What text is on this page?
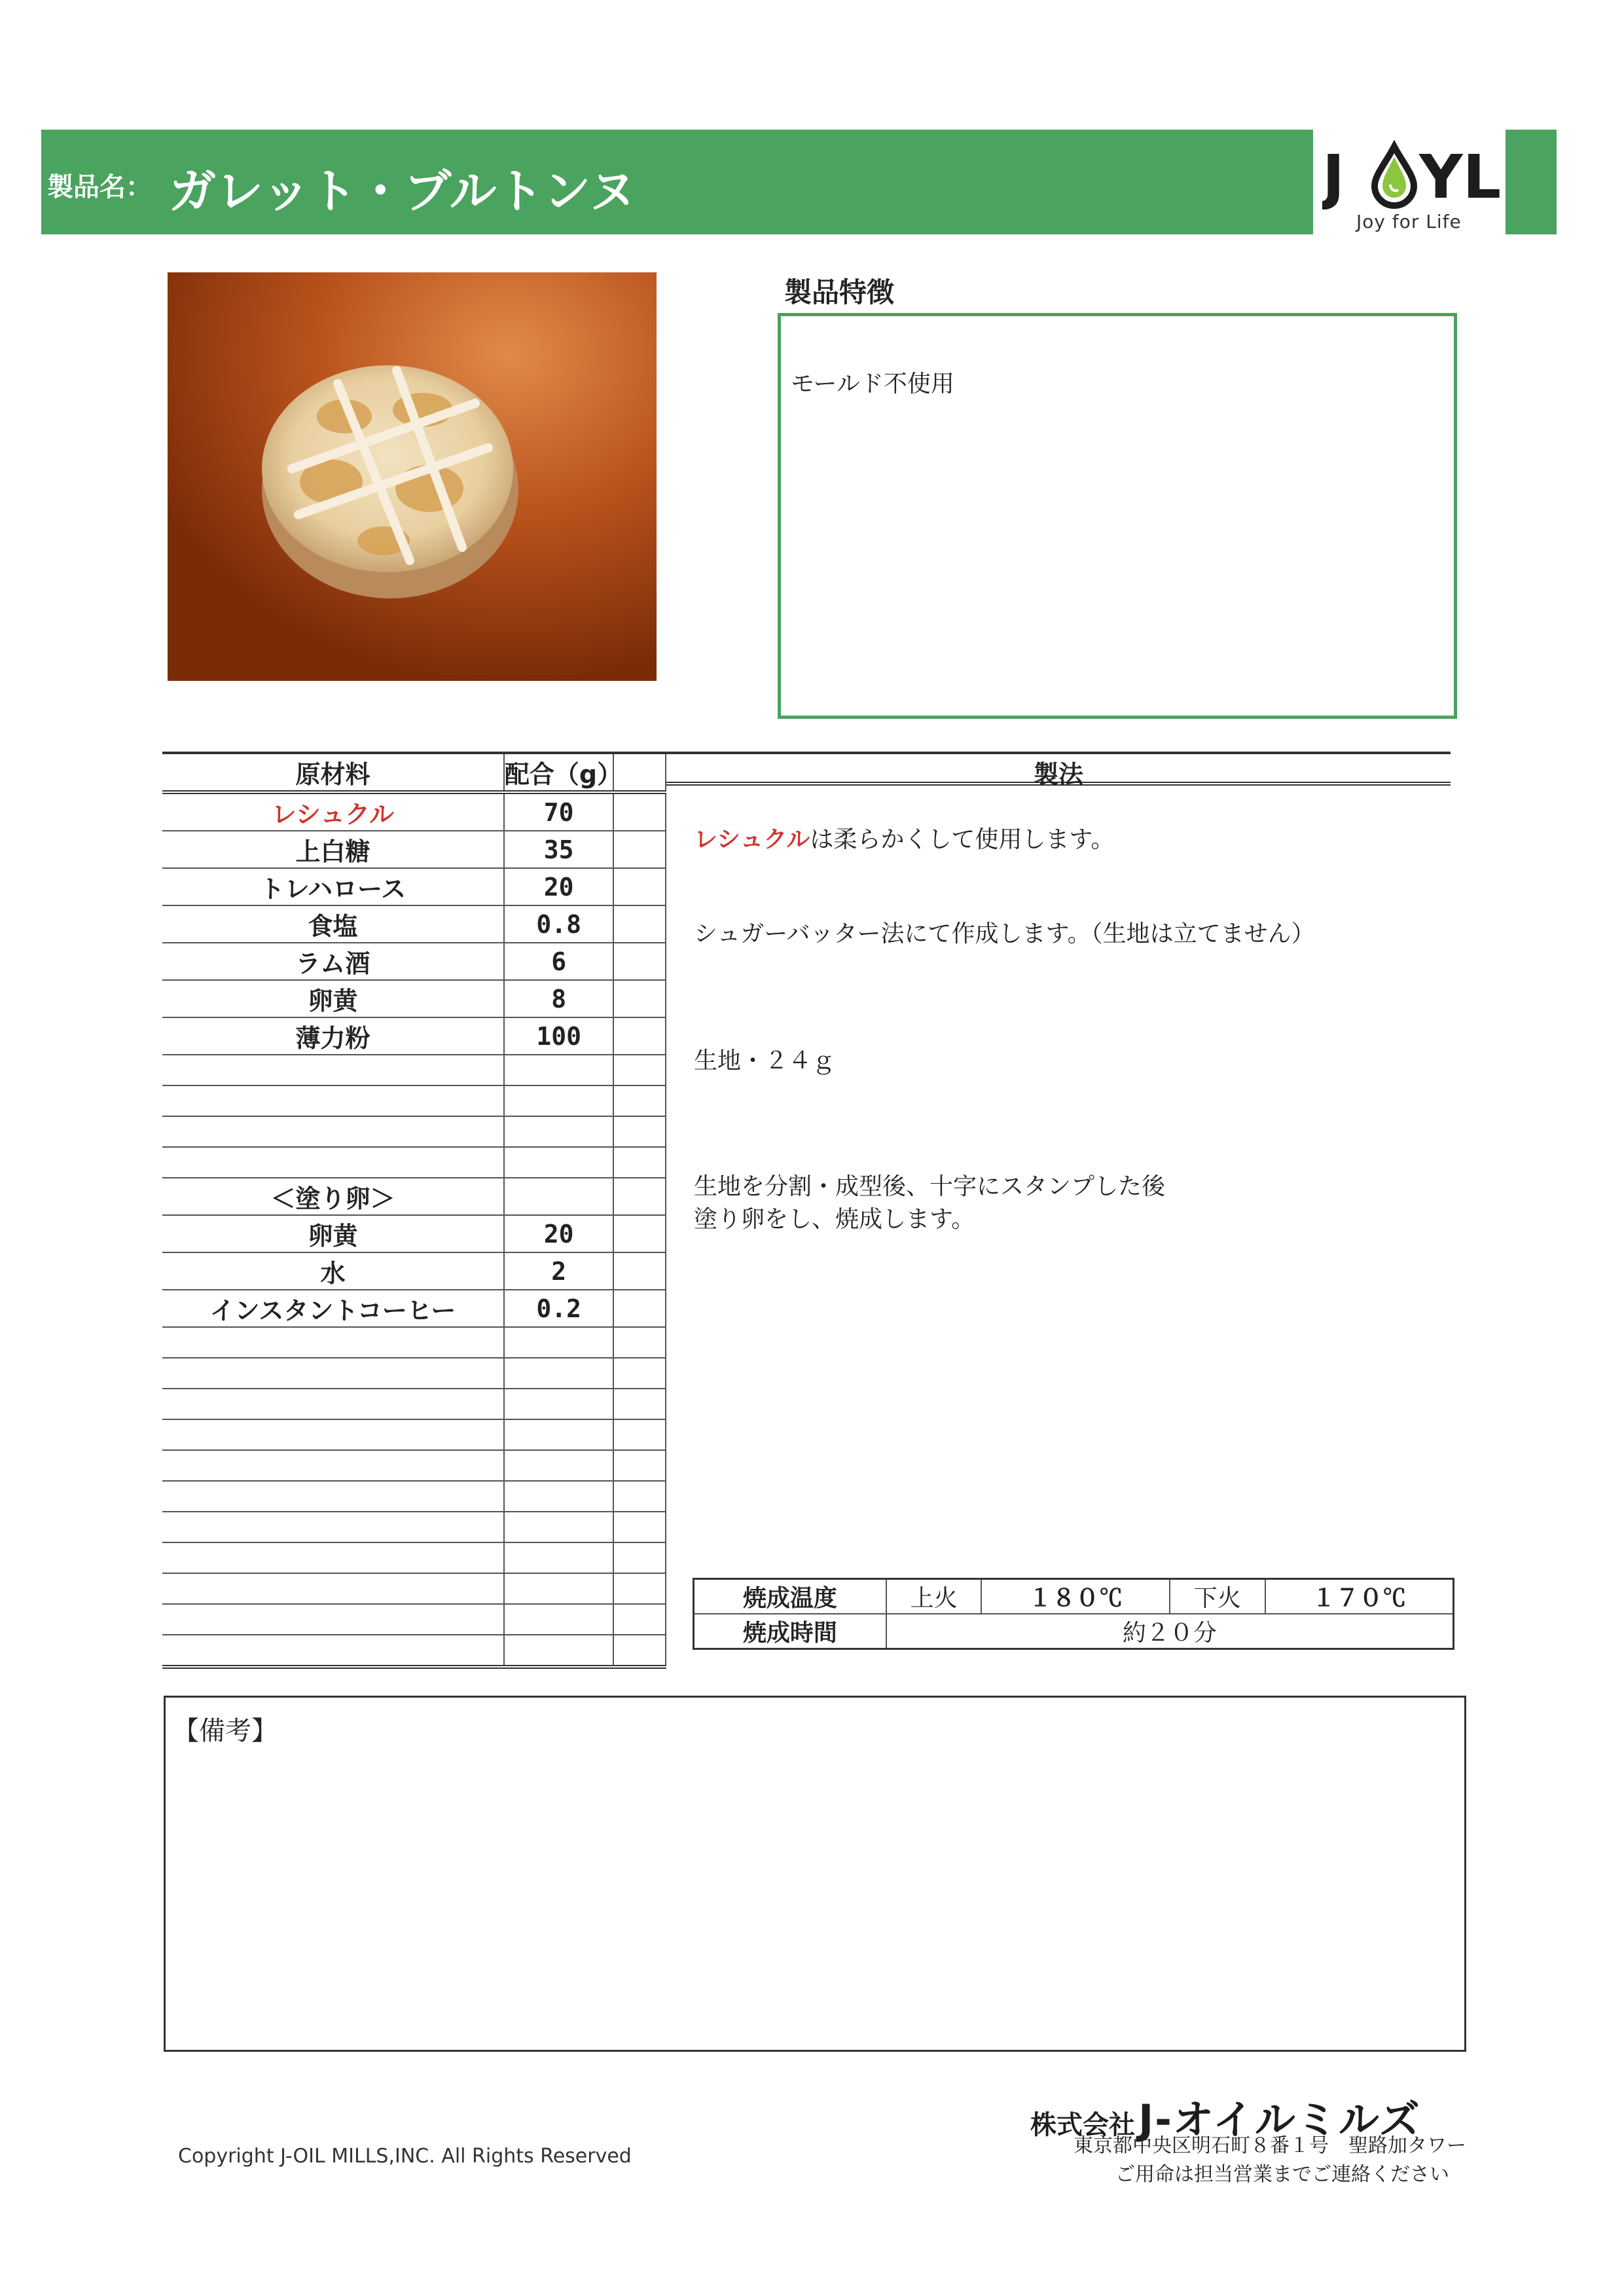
製品名： ガレット・ブルトンヌ	J YL
Joy for Life
製品特徴
モールド不使用
原材料	配合（g）	
レシュクル	70	
上白糖	35	
トレハロース	20	
食塩	0.8	
ラム酒	6	
卵黄	8	
薄力粉	100	

＜塗り卵＞		
卵黄	20	
水	2	
インスタントコーヒー	0.2	

製法
レシュクルは柔らかくして使用します。
シュガーバッター法にて作成します。（生地は立てません）
生地・２４ｇ
生地を分割・成型後、十字にスタンプした後
塗り卵をし、焼成します。
焼成温度	上火	１８０℃	下火	１７０℃
焼成時間	約２０分			
【備考】
Copyright J-OIL MILLS,INC. All Rights Reserved
株式会社 J-オイルミルズ
東京都中央区明石町８番１号　聖路加タワー
ご用命は担当営業までご連絡ください
